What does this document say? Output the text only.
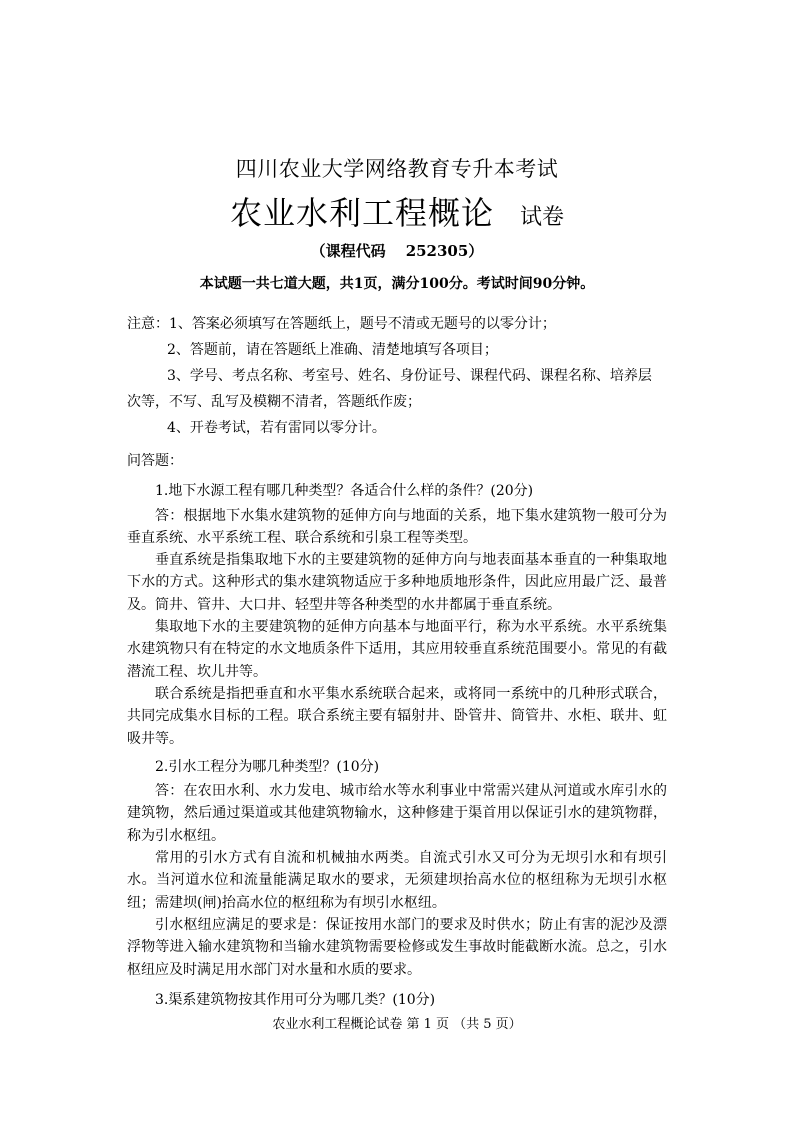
四川农业大学网络教育专升本考试
农业水利工程概论 试卷
（课程代码 252305）
本试题一共七道大题，共1页，满分100分。考试时间90分钟。

注意：1、答案必须填写在答题纸上，题号不清或无题号的以零分计；

2、答题前，请在答题纸上准确、清楚地填写各项目；

3、学号、考点名称、考室号、姓名、身份证号、课程代码、课程名称、培养层

次等，不写、乱写及模糊不清者，答题纸作废；

4、开卷考试，若有雷同以零分计。

问答题：

1.地下水源工程有哪几种类型？各适合什么样的条件？(20分)

答：根据地下水集水建筑物的延伸方向与地面的关系，地下集水建筑物一般可分为垂直系统、水平系统工程、联合系统和引泉工程等类型。

垂直系统是指集取地下水的主要建筑物的延伸方向与地表面基本垂直的一种集取地下水的方式。这种形式的集水建筑物适应于多种地质地形条件，因此应用最广泛、最普及。筒井、管井、大口井、轻型井等各种类型的水井都属于垂直系统。

集取地下水的主要建筑物的延伸方向基本与地面平行，称为水平系统。水平系统集水建筑物只有在特定的水文地质条件下适用，其应用较垂直系统范围要小。常见的有截潜流工程、坎儿井等。

联合系统是指把垂直和水平集水系统联合起来，或将同一系统中的几种形式联合，共同完成集水目标的工程。联合系统主要有辐射井、卧管井、筒管井、水柜、联井、虹吸井等。

2.引水工程分为哪几种类型？(10分)

答：在农田水利、水力发电、城市给水等水利事业中常需兴建从河道或水库引水的建筑物，然后通过渠道或其他建筑物输水，这种修建于渠首用以保证引水的建筑物群，称为引水枢纽。

常用的引水方式有自流和机械抽水两类。自流式引水又可分为无坝引水和有坝引水。当河道水位和流量能满足取水的要求，无须建坝抬高水位的枢纽称为无坝引水枢纽；需建坝(闸)抬高水位的枢纽称为有坝引水枢纽。

引水枢纽应满足的要求是：保证按用水部门的要求及时供水；防止有害的泥沙及漂浮物等进入输水建筑物和当输水建筑物需要检修或发生事故时能截断水流。总之，引水枢纽应及时满足用水部门对水量和水质的要求。

3.渠系建筑物按其作用可分为哪几类？(10分)

农业水利工程概论试卷 第 1 页 （共 5 页）
